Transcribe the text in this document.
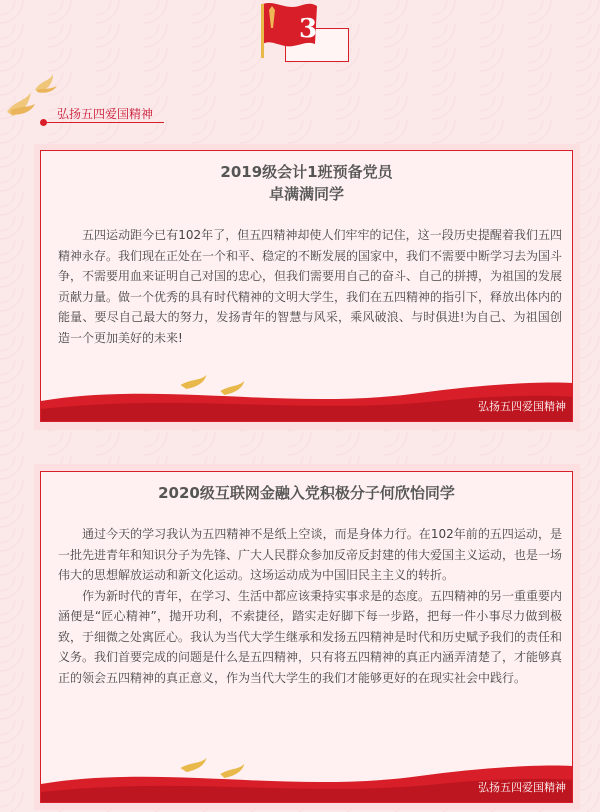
3
弘扬五四爱国精神
2019级会计1班预备党员
卓满满同学

五四运动距今已有102年了，但五四精神却使人们牢牢的记住，这一段历史提醒着我们五四精神永存。我们现在正处在一个和平、稳定的不断发展的国家中，我们不需要中断学习去为国斗争，不需要用血来证明自己对国的忠心，但我们需要用自己的奋斗、自己的拼搏，为祖国的发展贡献力量。做一个优秀的具有时代精神的文明大学生，我们在五四精神的指引下，释放出体内的能量、要尽自己最大的努力，发扬青年的智慧与风采，乘风破浪、与时俱进!为自己、为祖国创造一个更加美好的未来!

弘扬五四爱国精神
2020级互联网金融入党积极分子何欣怡同学

通过今天的学习我认为五四精神不是纸上空谈，而是身体力行。在102年前的五四运动，是一批先进青年和知识分子为先锋、广大人民群众参加反帝反封建的伟大爱国主义运动，也是一场伟大的思想解放运动和新文化运动。这场运动成为中国旧民主主义的转折。

作为新时代的青年，在学习、生活中都应该秉持实事求是的态度。五四精神的另一重重要内涵便是“匠心精神”，抛开功利，不索捷径，踏实走好脚下每一步路，把每一件小事尽力做到极致，于细微之处寓匠心。我认为当代大学生继承和发扬五四精神是时代和历史赋予我们的责任和义务。我们首要完成的问题是什么是五四精神，只有将五四精神的真正内涵弄清楚了，才能够真正的领会五四精神的真正意义，作为当代大学生的我们才能够更好的在现实社会中践行。

弘扬五四爱国精神
